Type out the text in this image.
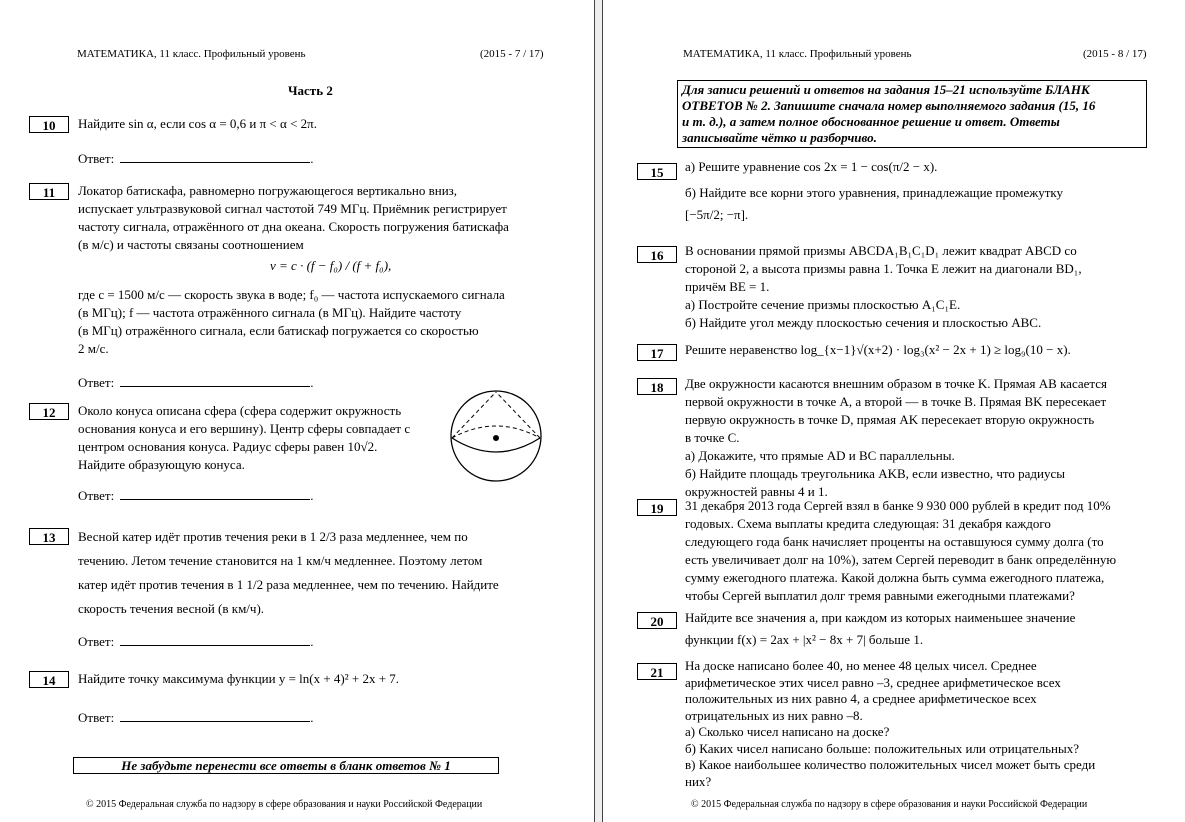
МАТЕМАТИКА, 11 класс. Профильный уровень	(2015 - 7 / 17)
Часть 2
10	Найдите sin α, если cos α = 0,6 и π < α < 2π.
Ответ:	.
11	Локатор батискафа, равномерно погружающегося вертикально вниз,
испускает ультразвуковой сигнал частотой 749 МГц. Приёмник регистрирует
частоту сигнала, отражённого от дна океана. Скорость погружения батискафа
(в м/с) и частоты связаны соотношением
v = c · (f − f₀) / (f + f₀),
где c = 1500 м/с — скорость звука в воде; f₀ — частота испускаемого сигнала
(в МГц); f — частота отражённого сигнала (в МГц). Найдите частоту
(в МГц) отражённого сигнала, если батискаф погружается со скоростью
2 м/с.
Ответ:	.
12	Около конуса описана сфера (сфера содержит окружность
основания конуса и его вершину). Центр сферы совпадает с
центром основания конуса. Радиус сферы равен 10√2.
Найдите образующую конуса.
Ответ:	.
13	Весной катер идёт против течения реки в 1 2/3 раза медленнее, чем по
течению. Летом течение становится на 1 км/ч медленнее. Поэтому летом
катер идёт против течения в 1 1/2 раза медленнее, чем по течению. Найдите
скорость течения весной (в км/ч).
Ответ:	.
14	Найдите точку максимума функции y = ln(x + 4)² + 2x + 7.
Ответ:	.
Не забудьте перенести все ответы в бланк ответов № 1
© 2015 Федеральная служба по надзору в сфере образования и науки Российской Федерации
МАТЕМАТИКА, 11 класс. Профильный уровень	(2015 - 8 / 17)
Для записи решений и ответов на задания 15–21 используйте БЛАНК
ОТВЕТОВ № 2. Запишите сначала номер выполняемого задания (15, 16
и т. д.), а затем полное обоснованное решение и ответ. Ответы
записывайте чётко и разборчиво.
15	а) Решите уравнение cos 2x = 1 − cos(π/2 − x).
б) Найдите все корни этого уравнения, принадлежащие промежутку
[−5π/2; −π].
16	В основании прямой призмы ABCDA₁B₁C₁D₁ лежит квадрат ABCD со
стороной 2, а высота призмы равна 1. Точка E лежит на диагонали BD₁,
причём BE = 1.
а) Постройте сечение призмы плоскостью A₁C₁E.
б) Найдите угол между плоскостью сечения и плоскостью ABC.
17	Решите неравенство log_{x−1}√(x+2) · log₃(x² − 2x + 1) ≥ log₉(10 − x).
18	Две окружности касаются внешним образом в точке K. Прямая AB касается
первой окружности в точке A, а второй — в точке B. Прямая BK пересекает
первую окружность в точке D, прямая AK пересекает вторую окружность
в точке C.
а) Докажите, что прямые AD и BC параллельны.
б) Найдите площадь треугольника AKB, если известно, что радиусы
окружностей равны 4 и 1.
19	31 декабря 2013 года Сергей взял в банке 9 930 000 рублей в кредит под 10%
годовых. Схема выплаты кредита следующая: 31 декабря каждого
следующего года банк начисляет проценты на оставшуюся сумму долга (то
есть увеличивает долг на 10%), затем Сергей переводит в банк определённую
сумму ежегодного платежа. Какой должна быть сумма ежегодного платежа,
чтобы Сергей выплатил долг тремя равными ежегодными платежами?
20	Найдите все значения a, при каждом из которых наименьшее значение
функции f(x) = 2ax + |x² − 8x + 7| больше 1.
21	На доске написано более 40, но менее 48 целых чисел. Среднее
арифметическое этих чисел равно –3, среднее арифметическое всех
положительных из них равно 4, а среднее арифметическое всех
отрицательных из них равно –8.
а) Сколько чисел написано на доске?
б) Каких чисел написано больше: положительных или отрицательных?
в) Какое наибольшее количество положительных чисел может быть среди
них?
© 2015 Федеральная служба по надзору в сфере образования и науки Российской Федерации
